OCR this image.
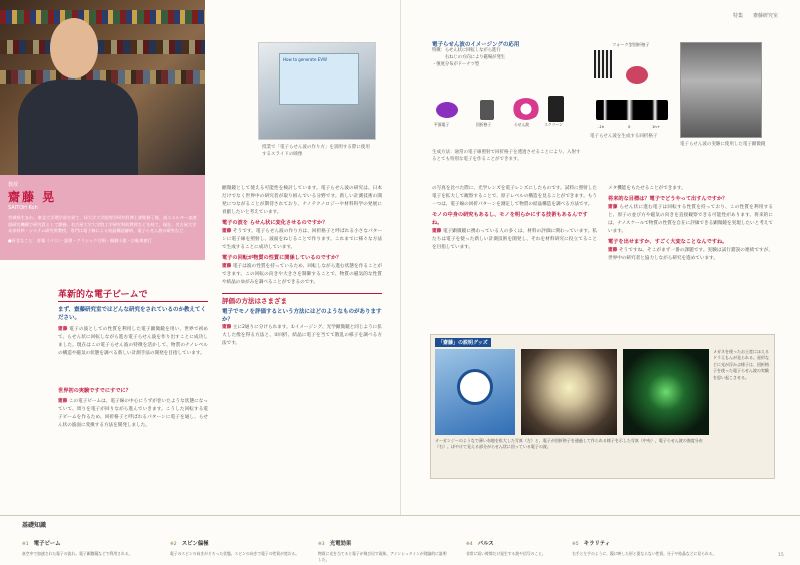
教授
齋藤 晃
SAITOH Koh
宮城県生まれ。東北大学理学部を経て、同大学大学院理学研究科博士課程修了後、高エネルギー加速器研究機構で研究員として勤務。名古屋大学大学院工学研究科助教授などを経て、現在、名古屋大学未来材料・システム研究所教授。専門は電子線による結晶構造解析、電子らせん波の研究など。
●好きなこと：音楽（バス）・読書・クラシック合唱・観劇小説・自転車旅行
How to generate EVW
授業で「電子らせん波の作り方」を説明する際に使用するスライドの映像
革新的な電子ビームで
まず、齋藤研究室ではどんな研究をされているのか教えてください。
齋藤 電子の波としての性質を利用した電子顕微鏡を用い、世界で初めて、らせん状に回転しながら進む電子らせん波を作り出すことに成功しました。現在はこの電子らせん波の特徴を活かして、物質のナノレベルの構造や磁気の状態を調べる新しい計測手法の開発を目指しています。
世界初の実験ですでにすでに？
齋藤 この電子ビームは、電子線の中心にうずが巻いたような状態になっていて、周りを電子が回りながら進んでいきます。こうした回転する電子ビームを作るため、回折格子と呼ばれるパターンに電子を通し、らせん状の波面に変換する方法を開発しました。
顕微鏡として使える可能性を検討しています。電子らせん波の研究は、日本だけでなく世界中の研究者が取り組んでいる分野です。新しい計測技術の開発につながることが期待されており、ナノテクノロジーや材料科学の発展に貢献したいと考えています。
電子の波を らせん状に変化させるのですか？
齋藤 そうです。電子らせん波の作り方は、回折格子と呼ばれる小さなパターンに電子線を照射し、波面をねじることで作ります。これまでに様々な方法で生成することに成功しています。
電子の回転が物質の性質に関係しているのですか？
齋藤 電子は波の性質を持っているため、回転しながら進む状態を作ることができます。この回転の向きや大きさを制御することで、物質の磁気的な性質や結晶のゆがみを調べることができるのです。
評価の方法はさまざま
電子でモノを評価するという方法にはどのようなものがありますか？
齋藤 主に2通りに分けられます。①イメージング、光学顕微鏡と同じように拡大した像を得る方法と、②回折、結晶に電子を当てて散乱の様子を調べる方法です。
特集 齋藤研究室
電子らせん波のイメージングの応用
特徴：らせん状に回転しながら進行
　　　右ねじの方向により磁場が発生
・強度分布がドーナツ型
平面電子	回折格子	らせん波	スクリーン
生成方法：通常の電子線照射で回折格子を透過させることにより、入射するとても特別な電子を作ることができます。
フォーク型回折格子
-1h	0	1h+
電子らせん波を生成する回折格子
電子らせん波の実験に使用した電子顕微鏡
の写真を比べた際に、光学レンズを電子レンズにしたものです。試料に照射した電子を拡大して観察することで、原子レベルの構造を見ることができます。もう一つは、電子線の回折パターンを測定して物質の結晶構造を調べる方法です。
モノの中身の研究もあるし、モノを明らかにする技術もあるんですね。
齋藤 電子顕微鏡に携わっている人の多くは、材料の評価に関わっています。私たちは電子を使った新しい計測技術を開発し、それを材料研究に役立てることを目指しています。
メタ機能をもたせることができます。
将来的な目標は？電子でどうやって出すんですか？
齋藤 らせん状に進む電子は回転する性質を持っており、この性質を利用すると、原子の並び方や磁気の向きを直接観察できる可能性があります。将来的には、ナノスケールで物質の性質を自在に評価できる顕微鏡を実現したいと考えています。
電子を出せますか、すごく大変なことなんですね。
齋藤 そうですね。そこがまず一番の課題です。実験は試行錯誤の連続ですが、世界中の研究者と協力しながら研究を進めています。
「齋藤」の説明グッズ
オーガンジーのようなで薄い布地を拡大した写真（左）と、電子が回折格子を通過して作られる様子を示した写真（中央）、電子らせん波の強度分布（右）。ぼやけて見える部分がらせん状に回っている電子の波。
メガネを使ったお土産にほえるドラえもんが見られる。星形などに光が浮かぶ様子は、回折格子を使った電子らせん波の実験を思い起こさせる。
基礎知識
※1 電子ビーム
真空中で加速された電子の流れ。電子顕微鏡などで利用される。
※2 スピン偏極
電子のスピンの向きがそろった状態。スピンの向きで電子の性質が変わる。
※3 光電効果
物質に光を当てると電子が飛び出す現象。アインシュタインが理論的に説明した。
※4 パルス
非常に短い時間だけ発生する波や信号のこと。
※5 キラリティ
右手と左手のように、鏡に映した形と重ならない性質。分子や結晶などに見られる。	15
